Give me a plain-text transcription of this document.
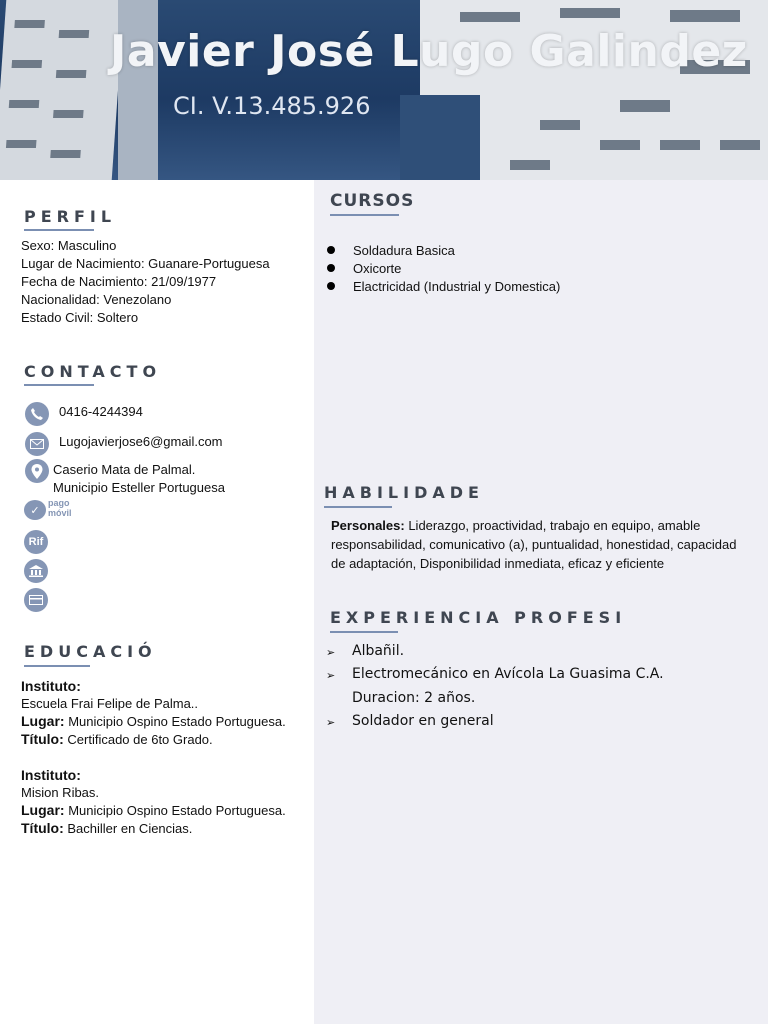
Javier José Lugo Galindez
CI. V.13.485.926
PERFIL
Sexo: Masculino
Lugar de Nacimiento: Guanare-Portuguesa
Fecha de Nacimiento: 21/09/1977
Nacionalidad: Venezolano
Estado Civil: Soltero
CONTACTO
0416-4244394
Lugojavierjose6@gmail.com
Caserio Mata de Palmal.
Municipio Esteller Portuguesa
✓
pago
móvil
Rif
EDUCACIÓ
Instituto:
Escuela Frai Felipe de Palma..
Lugar: Municipio Ospino Estado Portuguesa.
Título: Certificado de 6to Grado.
Instituto:
Mision Ribas.
Lugar: Municipio Ospino Estado Portuguesa.
Título: Bachiller en Ciencias.
CURSOS
Soldadura Basica
Oxicorte
Elactricidad (Industrial y Domestica)
HABILIDADE
Personales: Liderazgo, proactividad, trabajo en equipo, amable
responsabilidad, comunicativo (a), puntualidad, honestidad, capacidad
de adaptación, Disponibilidad inmediata, eficaz y eficiente
EXPERIENCIA PROFESI
➢ Albañil.
➢ Electromecánico en Avícola La Guasima C.A.
Duracion: 2 años.
➢ Soldador en general
